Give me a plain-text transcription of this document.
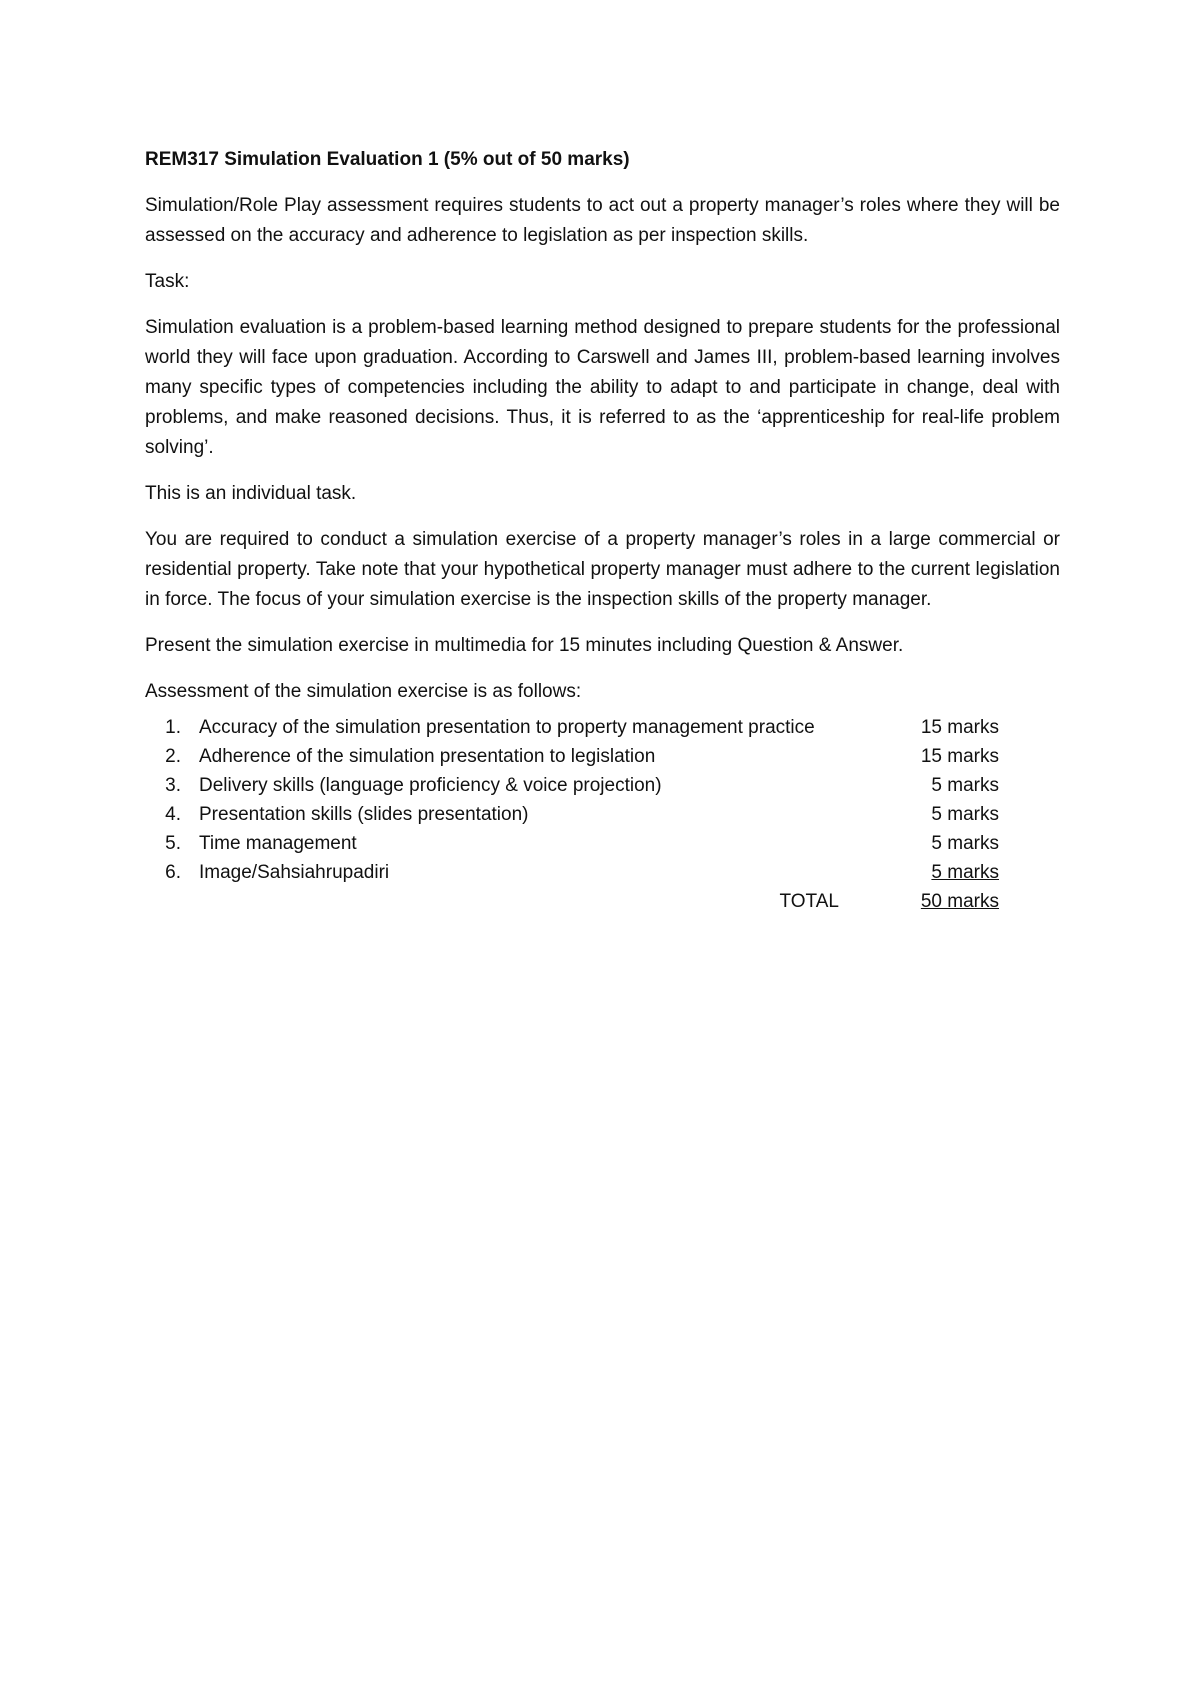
REM317 Simulation Evaluation 1 (5% out of 50 marks)
Simulation/Role Play assessment requires students to act out a property manager’s roles where they will be assessed on the accuracy and adherence to legislation as per inspection skills.
Task:
Simulation evaluation is a problem-based learning method designed to prepare students for the professional world they will face upon graduation. According to Carswell and James III, problem-based learning involves many specific types of competencies including the ability to adapt to and participate in change, deal with problems, and make reasoned decisions. Thus, it is referred to as the ‘apprenticeship for real-life problem solving’.
This is an individual task.
You are required to conduct a simulation exercise of a property manager’s roles in a large commercial or residential property. Take note that your hypothetical property manager must adhere to the current legislation in force. The focus of your simulation exercise is the inspection skills of the property manager.
Present the simulation exercise in multimedia for 15 minutes including Question & Answer.
Assessment of the simulation exercise is as follows:
1. Accuracy of the simulation presentation to property management practice	15 marks
2. Adherence of the simulation presentation to legislation	15 marks
3. Delivery skills (language proficiency & voice projection)	5 marks
4. Presentation skills (slides presentation)	5 marks
5. Time management	5 marks
6. Image/Sahsiahrupadiri	5 marks
TOTAL	50 marks
